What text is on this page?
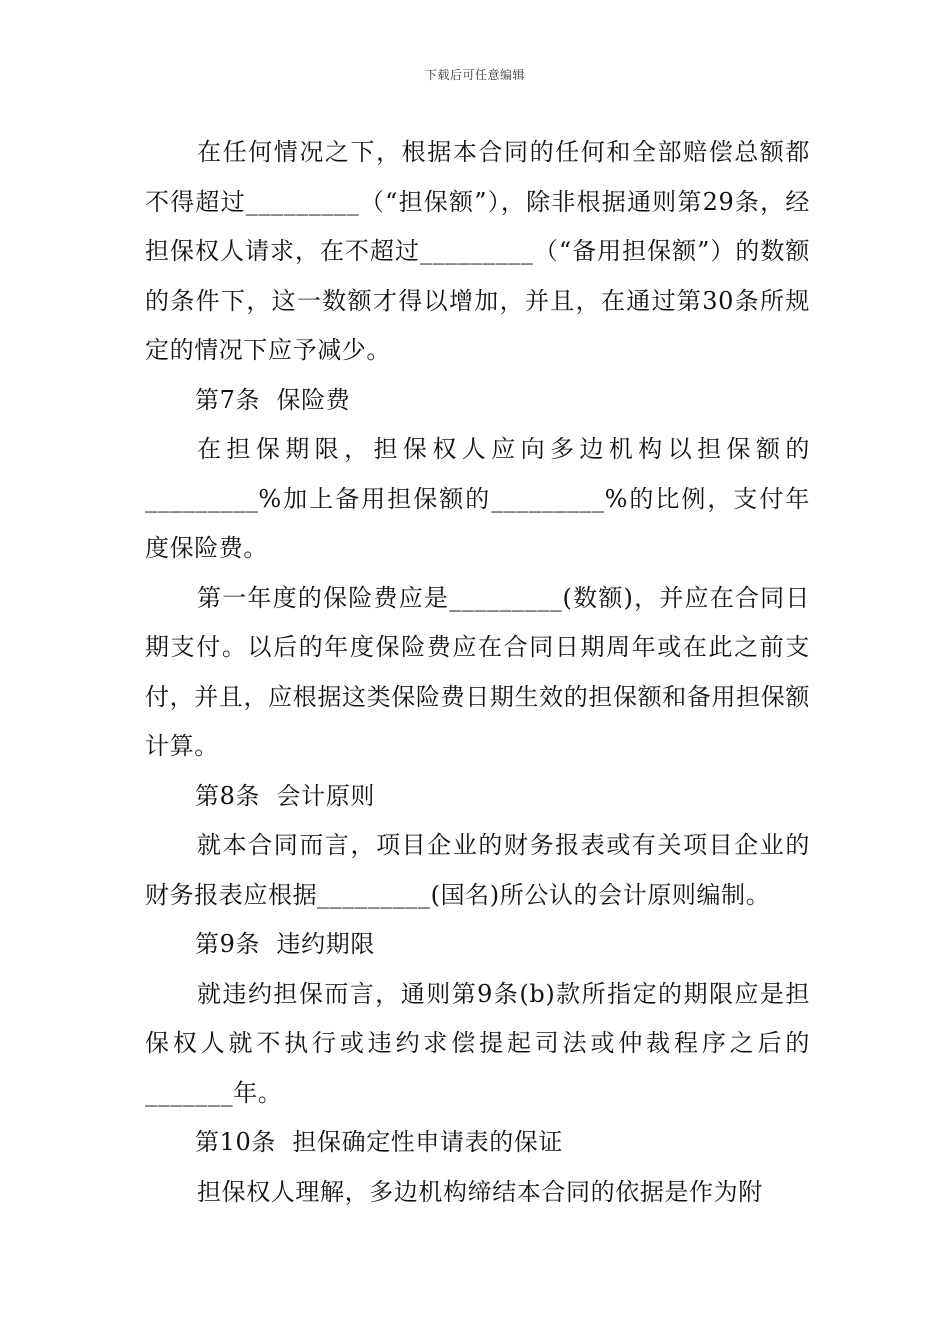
下载后可任意编辑

在任何情况之下，根据本合同的任何和全部赔偿总额都不得超过_________（“担保额”），除非根据通则第29条，经担保权人请求，在不超过_________（“备用担保额”）的数额的条件下，这一数额才得以增加，并且，在通过第30条所规定的情况下应予减少。

第7条  保险费

在担保期限，担保权人应向多边机构以担保额的_________%加上备用担保额的_________%的比例，支付年度保险费。

第一年度的保险费应是_________(数额)，并应在合同日期支付。以后的年度保险费应在合同日期周年或在此之前支付，并且，应根据这类保险费日期生效的担保额和备用担保额计算。

第8条  会计原则

就本合同而言，项目企业的财务报表或有关项目企业的财务报表应根据_________(国名)所公认的会计原则编制。

第9条  违约期限

就违约担保而言，通则第9条(b)款所指定的期限应是担保权人就不执行或违约求偿提起司法或仲裁程序之后的_______年。

第10条  担保确定性申请表的保证

担保权人理解，多边机构缔结本合同的依据是作为附
